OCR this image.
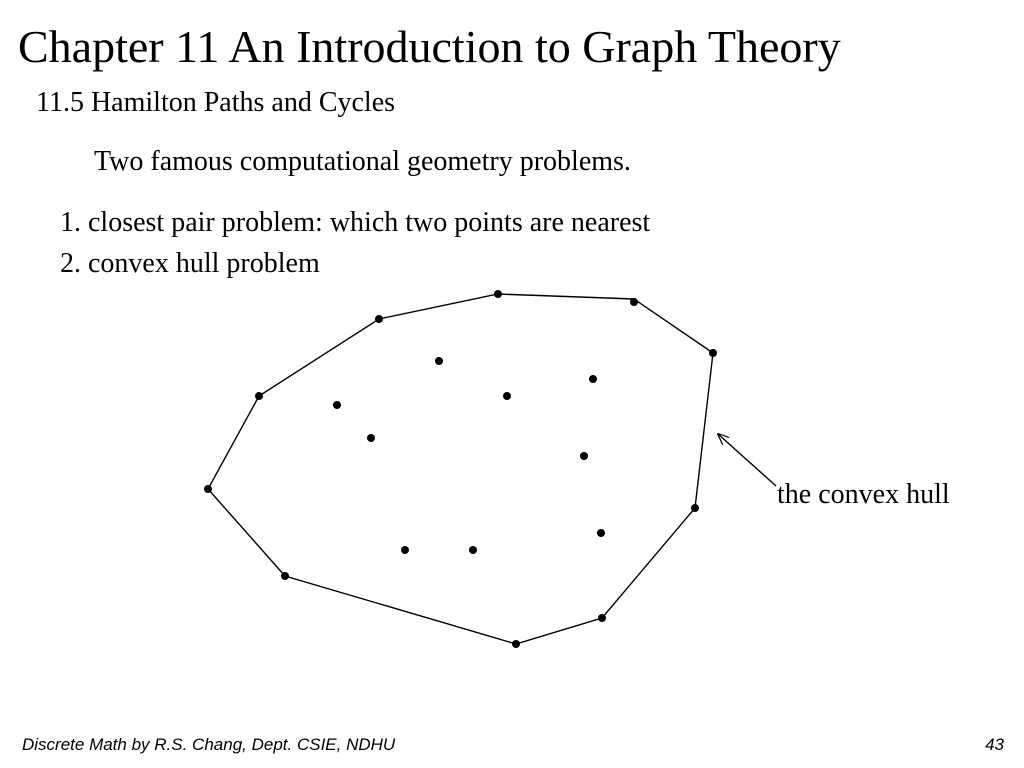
Chapter 11 An Introduction to Graph Theory
11.5 Hamilton Paths and Cycles
Two famous computational geometry problems.
1. closest pair problem: which two points are nearest
2. convex hull problem
the convex hull
Discrete Math by R.S. Chang, Dept. CSIE, NDHU	43
